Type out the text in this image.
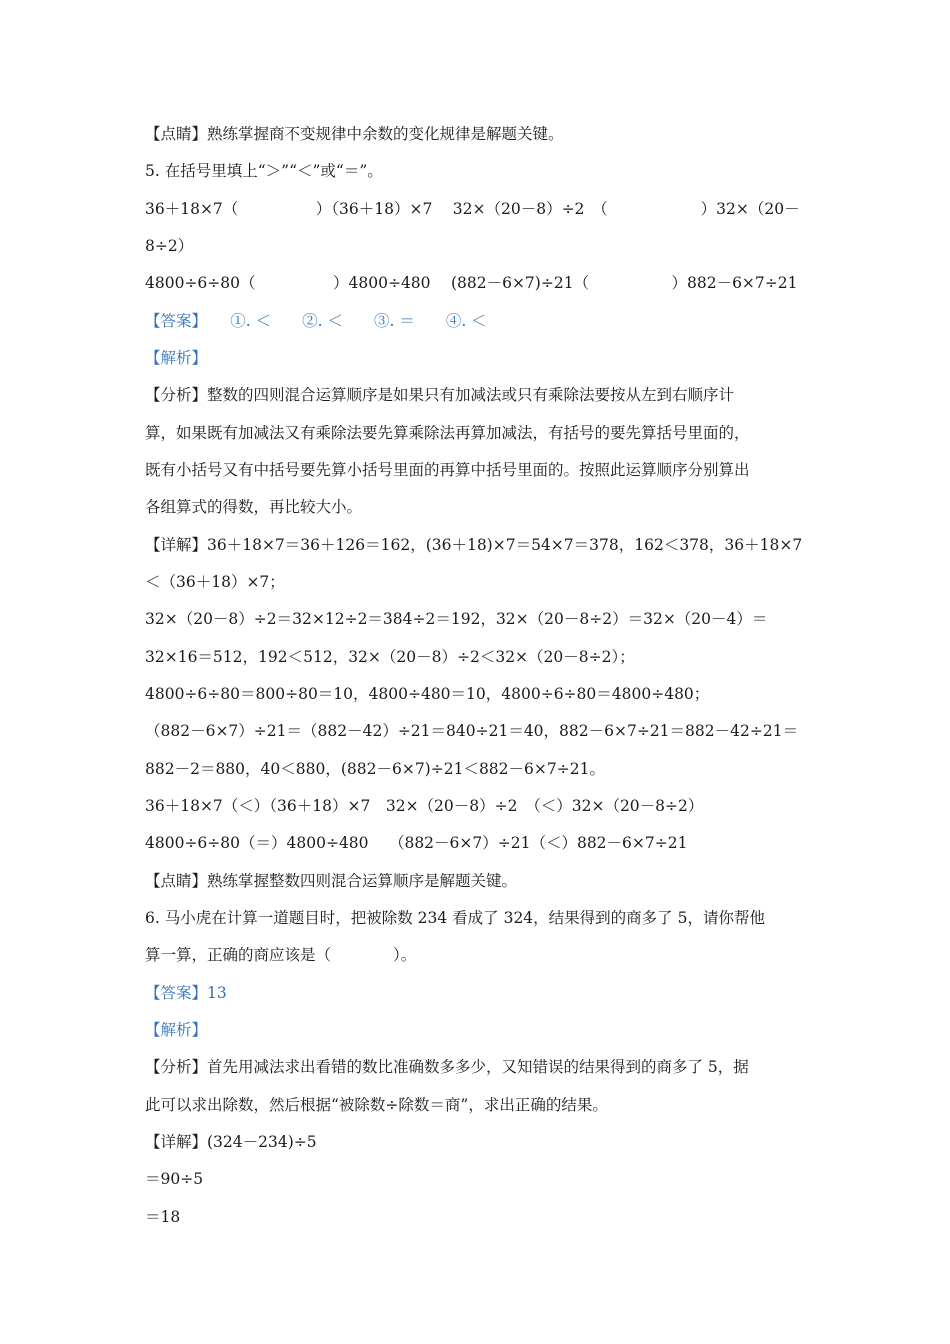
【点睛】熟练掌握商不变规律中余数的变化规律是解题关键。
5. 在括号里填上“＞”“＜”或“＝”。
36＋18×7（　　　　　）（36＋18）×7　 32×（20－8）÷2　（　　　　　　）32×（20－
8÷2）
4800÷6÷80（　　　　　）4800÷480　 (882－6×7)÷21（　　　　　 ）882－6×7÷21
【答案】　　①. ＜　　②. ＜　　③. ＝　　④. ＜
【解析】
【分析】整数的四则混合运算顺序是如果只有加减法或只有乘除法要按从左到右顺序计
算，如果既有加减法又有乘除法要先算乘除法再算加减法，有括号的要先算括号里面的，
既有小括号又有中括号要先算小括号里面的再算中括号里面的。按照此运算顺序分别算出
各组算式的得数，再比较大小。
【详解】36＋18×7＝36＋126＝162，(36＋18)×7＝54×7＝378，162＜378，36＋18×7
＜（36＋18）×7；
32×（20－8）÷2＝32×12÷2＝384÷2＝192，32×（20－8÷2）＝32×（20－4）＝
32×16＝512，192＜512，32×（20－8）÷2＜32×（20－8÷2）；
4800÷6÷80＝800÷80＝10，4800÷480＝10，4800÷6÷80＝4800÷480；
（882－6×7）÷21＝（882－42）÷21＝840÷21＝40，882－6×7÷21＝882－42÷21＝
882－2＝880，40＜880，(882－6×7)÷21＜882－6×7÷21。
36＋18×7（＜）（36＋18）×7　32×（20－8）÷2　（＜）32×（20－8÷2）
4800÷6÷80（＝）4800÷480　 （882－6×7）÷21（＜）882－6×7÷21
【点睛】熟练掌握整数四则混合运算顺序是解题关键。
6. 马小虎在计算一道题目时，把被除数 234 看成了 324，结果得到的商多了 5，请你帮他
算一算，正确的商应该是（　　　　）。
【答案】13
【解析】
【分析】首先用减法求出看错的数比准确数多多少，又知错误的结果得到的商多了 5，据
此可以求出除数，然后根据“被除数÷除数＝商”，求出正确的结果。
【详解】(324－234)÷5
＝90÷5
＝18
